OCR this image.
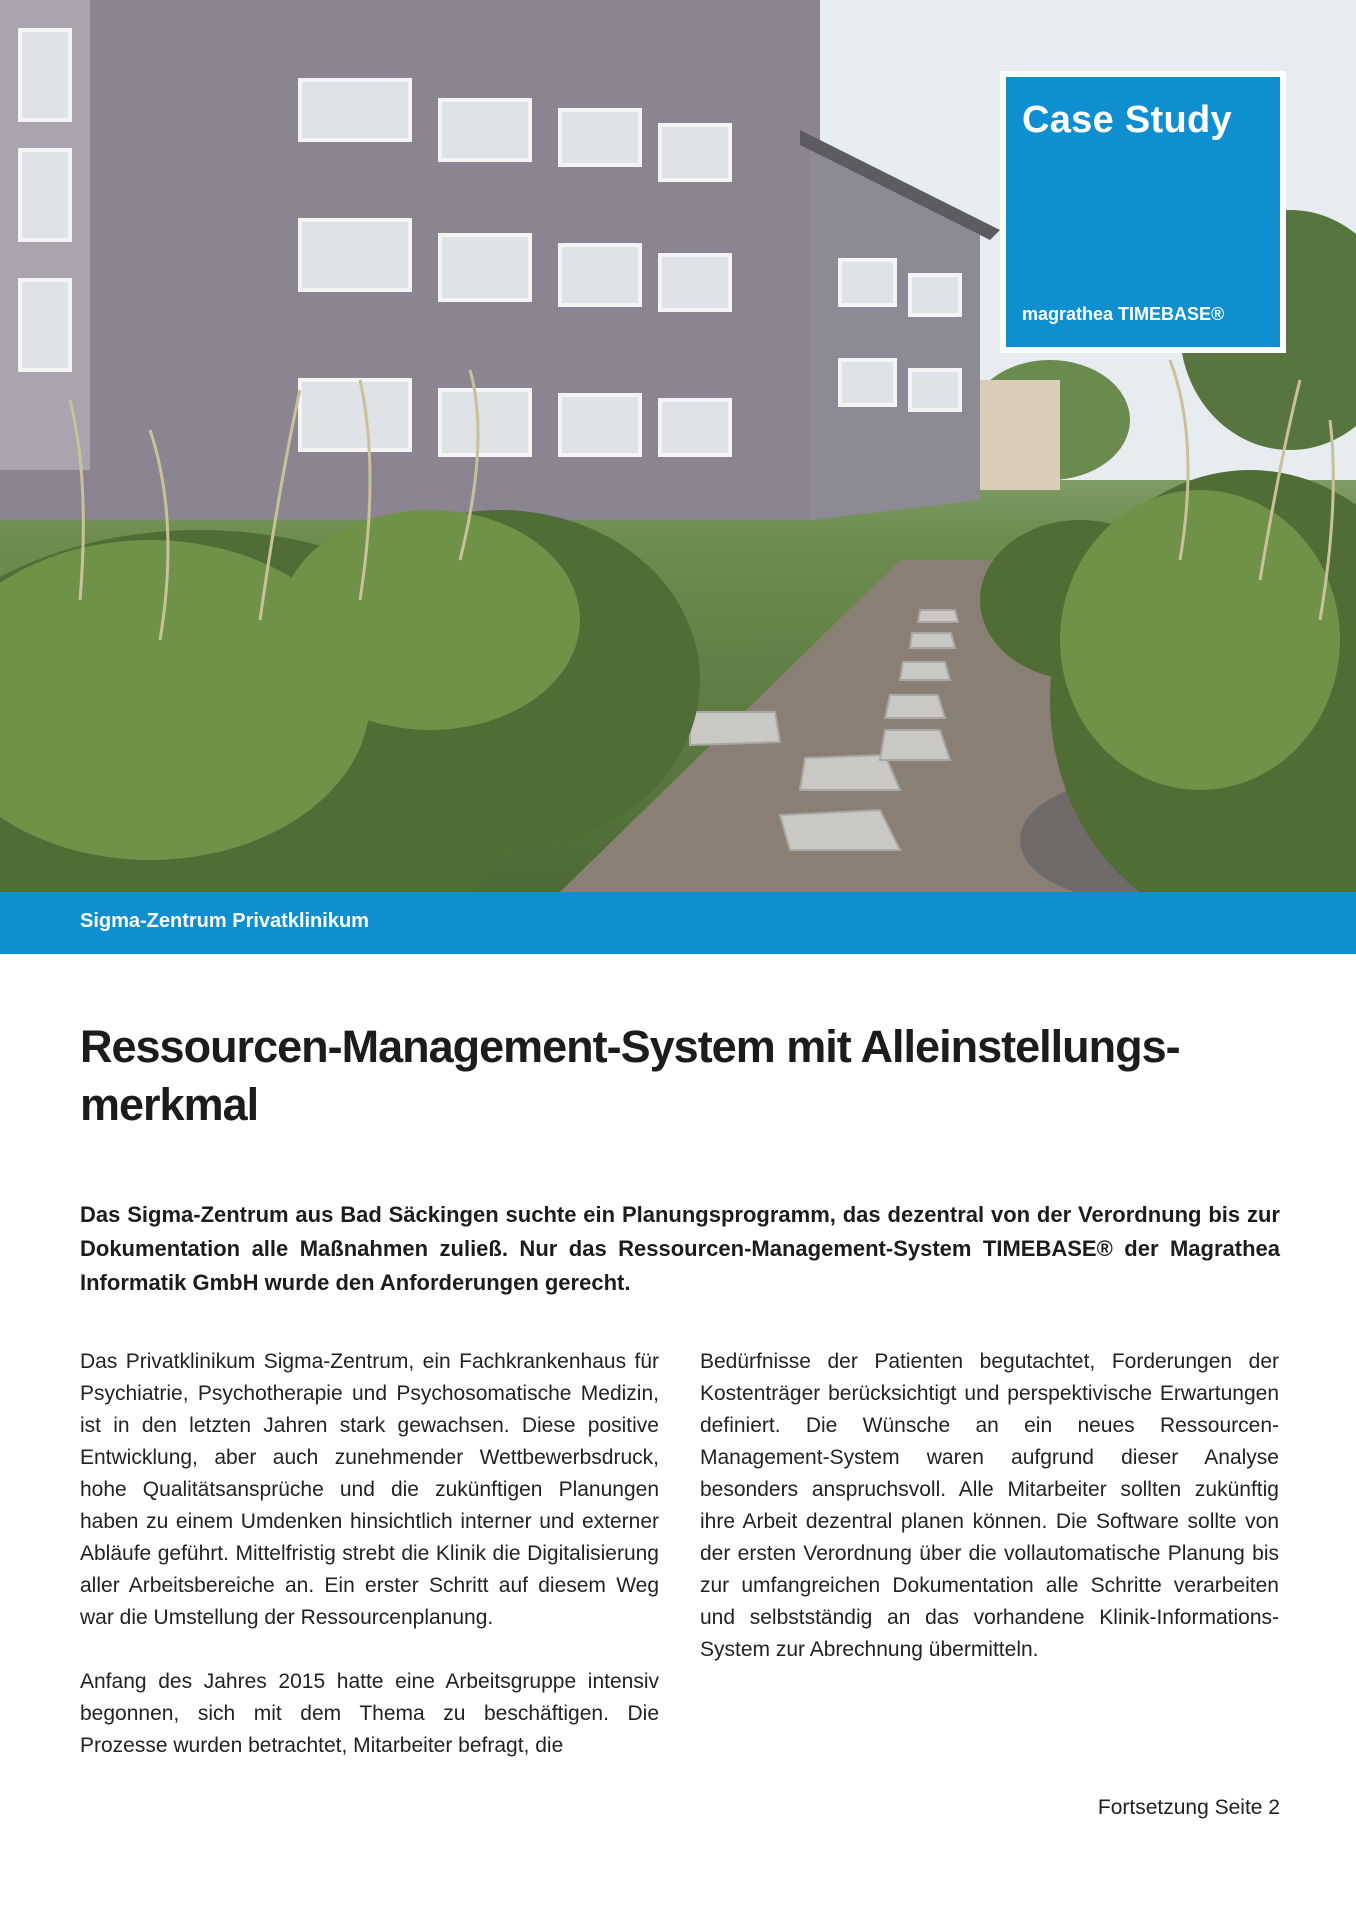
Case Study
magrathea TIMEBASE®
Sigma-Zentrum Privatklinikum
Ressourcen-Management-System mit Alleinstellungs-merkmal

Das Sigma-Zentrum aus Bad Säckingen suchte ein Planungsprogramm, das dezentral von der Verordnung bis zur Dokumentation alle Maßnahmen zuließ. Nur das Ressourcen-Management-System TIMEBASE® der Magrathea Informatik GmbH wurde den Anforderungen gerecht.

Das Privatklinikum Sigma-Zentrum, ein Fachkrankenhaus für Psychiatrie, Psychotherapie und Psychosomatische Medizin, ist in den letzten Jahren stark gewachsen. Diese positive Entwicklung, aber auch zunehmender Wettbewerbsdruck, hohe Qualitätsansprüche und die zukünftigen Planungen haben zu einem Umdenken hinsichtlich interner und externer Abläufe geführt. Mittelfristig strebt die Klinik die Digitalisierung aller Arbeitsbereiche an. Ein erster Schritt auf diesem Weg war die Umstellung der Ressourcenplanung.

Anfang des Jahres 2015 hatte eine Arbeitsgruppe intensiv begonnen, sich mit dem Thema zu beschäftigen. Die Prozesse wurden betrachtet, Mitarbeiter befragt, die

Bedürfnisse der Patienten begutachtet, Forderungen der Kostenträger berücksichtigt und perspektivische Erwartungen definiert. Die Wünsche an ein neues Ressourcen-Management-System waren aufgrund dieser Analyse besonders anspruchsvoll. Alle Mitarbeiter sollten zukünftig ihre Arbeit dezentral planen können. Die Software sollte von der ersten Verordnung über die vollautomatische Planung bis zur umfangreichen Dokumentation alle Schritte verarbeiten und selbstständig an das vorhandene Klinik-Informations-System zur Abrechnung übermitteln.

Fortsetzung Seite 2
